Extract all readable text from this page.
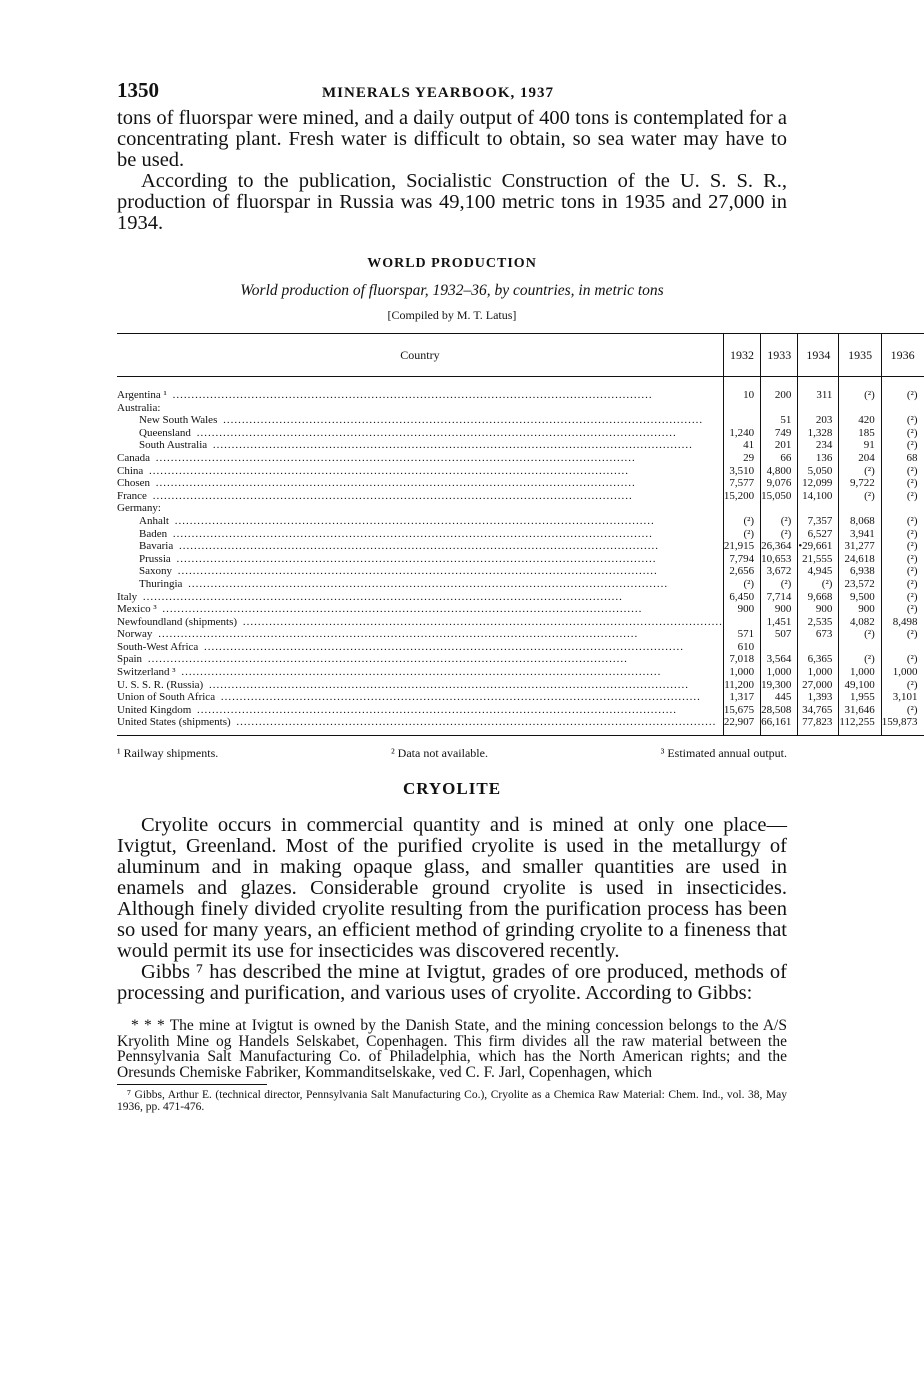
1350	MINERALS YEARBOOK, 1937

tons of fluorspar were mined, and a daily output of 400 tons is contemplated for a concentrating plant. Fresh water is difficult to obtain, so sea water may have to be used.

According to the publication, Socialistic Construction of the U. S. S. R., production of fluorspar in Russia was 49,100 metric tons in 1935 and 27,000 in 1934.

WORLD PRODUCTION
World production of fluorspar, 1932–36, by countries, in metric tons
[Compiled by M. T. Latus]
Country	1932	1933	1934	1935	1936

Argentina ¹ .....	10	200	311	(²)	(²)
Australia:					
New South Wales .....		51	203	420	(²)
Queensland .....	1,240	749	1,328	185	(²)
South Australia .....	41	201	234	91	(²)
Canada .....	29	66	136	204	68
China .....	3,510	4,800	5,050	(²)	(²)
Chosen .....	7,577	9,076	12,099	9,722	(²)
France .....	15,200	15,050	14,100	(²)	(²)
Germany:					
Anhalt .....	(²)	(²)	7,357	8,068	(²)
Baden .....	(²)	(²)	6,527	3,941	(²)
Bavaria .....	21,915	26,364	•29,661	31,277	(²)
Prussia .....	7,794	10,653	21,555	24,618	(²)
Saxony .....	2,656	3,672	4,945	6,938	(²)
Thuringia .....	(²)	(²)	(²)	23,572	(²)
Italy .....	6,450	7,714	9,668	9,500	(²)
Mexico ³ .....	900	900	900	900	(²)
Newfoundland (shipments) .....		1,451	2,535	4,082	8,498
Norway .....	571	507	673	(²)	(²)
South-West Africa .....	610				
Spain .....	7,018	3,564	6,365	(²)	(²)
Switzerland ³ .....	1,000	1,000	1,000	1,000	1,000
U. S. S. R. (Russia) .....	11,200	19,300	27,000	49,100	(²)
Union of South Africa .....	1,317	445	1,393	1,955	3,101
United Kingdom .....	15,675	28,508	34,765	31,646	(²)
United States (shipments) .....	22,907	66,161	77,823	112,255	159,873
¹ Railway shipments.	² Data not available.	³ Estimated annual output.
CRYOLITE

Cryolite occurs in commercial quantity and is mined at only one place—Ivigtut, Greenland. Most of the purified cryolite is used in the metallurgy of aluminum and in making opaque glass, and smaller quantities are used in enamels and glazes. Considerable ground cryolite is used in insecticides. Although finely divided cryolite resulting from the purification process has been so used for many years, an efficient method of grinding cryolite to a fineness that would permit its use for insecticides was discovered recently.

Gibbs ⁷ has described the mine at Ivigtut, grades of ore produced, methods of processing and purification, and various uses of cryolite. According to Gibbs:

* * * The mine at Ivigtut is owned by the Danish State, and the mining concession belongs to the A/S Kryolith Mine og Handels Selskabet, Copenhagen. This firm divides all the raw material between the Pennsylvania Salt Manufacturing Co. of Philadelphia, which has the North American rights; and the Oresunds Chemiske Fabriker, Kommanditselskake, ved C. F. Jarl, Copenhagen, which

⁷ Gibbs, Arthur E. (technical director, Pennsylvania Salt Manufacturing Co.), Cryolite as a Chemica Raw Material: Chem. Ind., vol. 38, May 1936, pp. 471-476.
